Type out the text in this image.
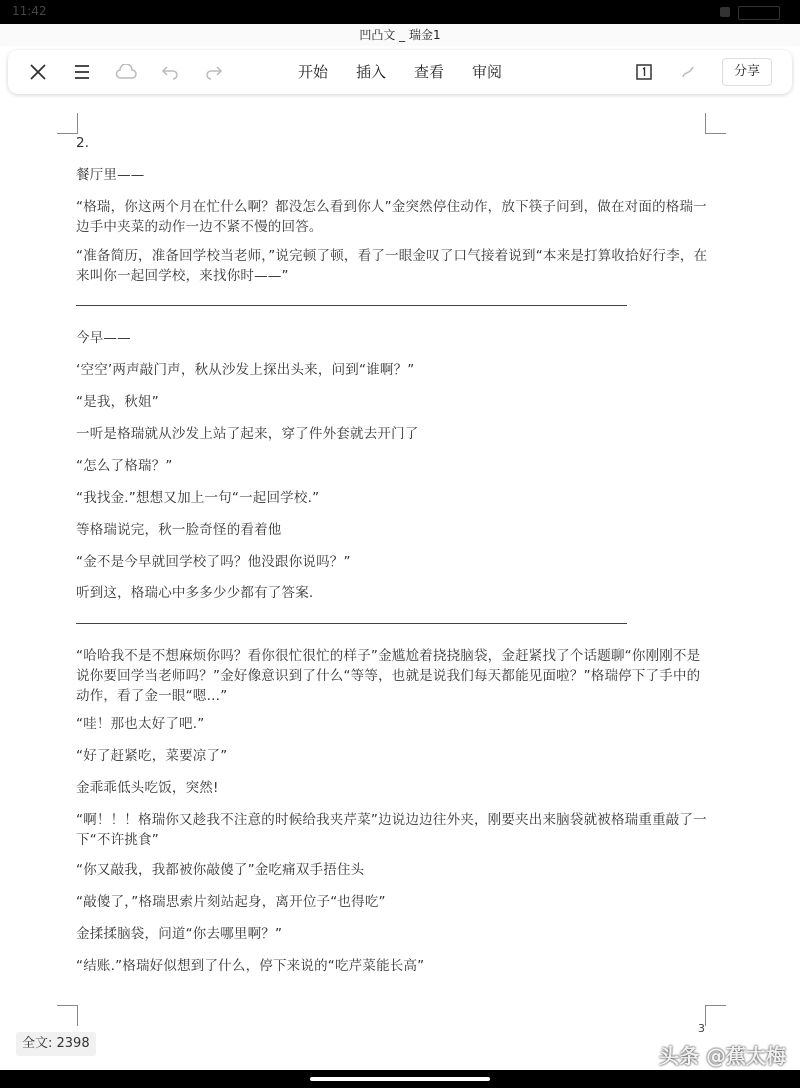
11:42
凹凸文 _ 瑞金1
开始 插入 查看 审阅	分享
2.
餐厅里——
“格瑞，你这两个月在忙什么啊？都没怎么看到你人”金突然停住动作，放下筷子问到，做在对面的格瑞一边手中夹菜的动作一边不紧不慢的回答。
“准备简历，准备回学校当老师，”说完顿了顿，看了一眼金叹了口气接着说到“本来是打算收拾好行李，在来叫你一起回学校，来找你时——”
今早——
‘空空’两声敲门声，秋从沙发上探出头来，问到“谁啊？”
“是我，秋姐”
一听是格瑞就从沙发上站了起来，穿了件外套就去开门了
“怎么了格瑞？”
“我找金.”想想又加上一句“一起回学校.”
等格瑞说完，秋一脸奇怪的看着他
“金不是今早就回学校了吗？他没跟你说吗？”
听到这，格瑞心中多多少少都有了答案.
“哈哈我不是不想麻烦你吗？看你很忙很忙的样子”金尴尬着挠挠脑袋，金赶紧找了个话题聊“你刚刚不是说你要回学当老师吗？”金好像意识到了什么“等等，也就是说我们每天都能见面啦？”格瑞停下了手中的动作，看了金一眼“嗯…”
“哇！那也太好了吧.”
“好了赶紧吃，菜要凉了”
金乖乖低头吃饭，突然!
“啊！！！格瑞你又趁我不注意的时候给我夹芹菜”边说边边往外夹，刚要夹出来脑袋就被格瑞重重敲了一下“不许挑食”
“你又敲我，我都被你敲傻了”金吃痛双手捂住头
“敲傻了，”格瑞思索片刻站起身，离开位子“也得吃”
金揉揉脑袋，问道“你去哪里啊？”
“结账.”格瑞好似想到了什么，停下来说的“吃芹菜能长高”
3
全文: 2398
头条 @蕉太梅
